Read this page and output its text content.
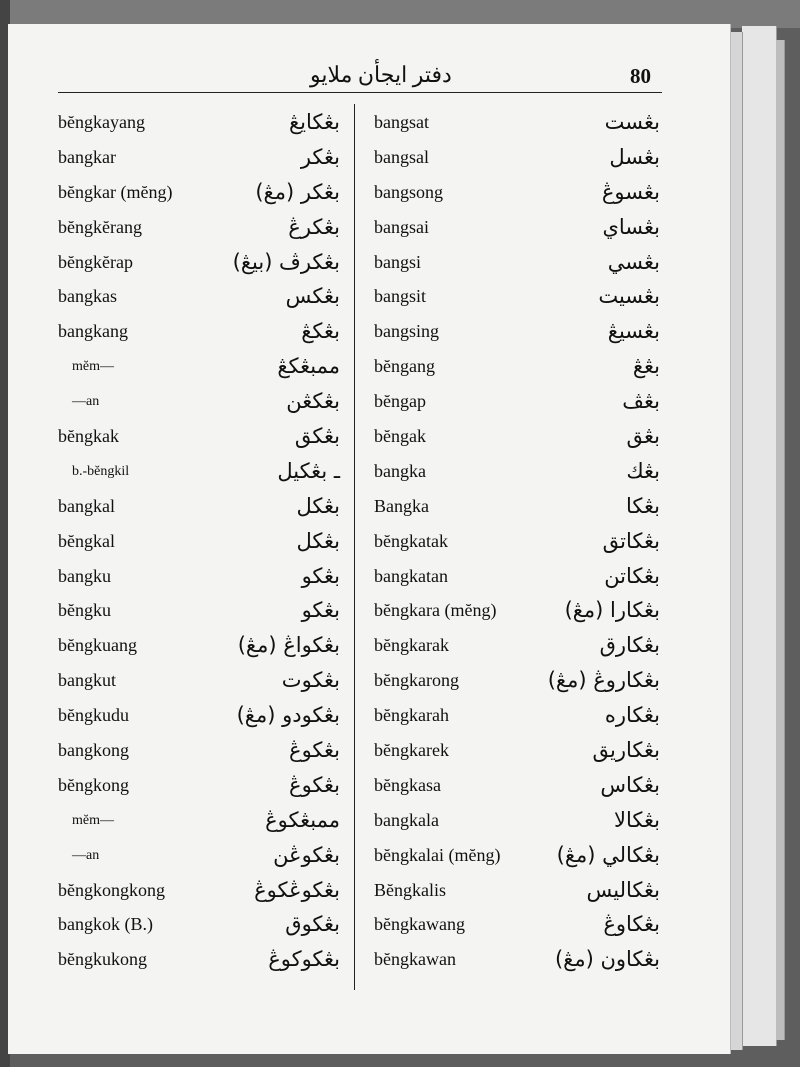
دفتر ايجأن ملايو	80
bĕngkayang	بڠكايڠ
bangkar	بڠكر
bĕngkar (mĕng)	بڠكر (مڠ)
bĕngkĕrang	بڠكرڠ
bĕngkĕrap	بڠكرڤ (بيڠ)
bangkas	بڠكس
bangkang	بڠكڠ
mĕm—	ممبڠكڠ
—an	بڠكڠن
bĕngkak	بڠكق
b.-bĕngkil	ـ بڠكيل
bangkal	بڠكل
bĕngkal	بڠكل
bangku	بڠكو
bĕngku	بڠكو
bĕngkuang	بڠكواڠ (مڠ)
bangkut	بڠكوت
bĕngkudu	بڠكودو (مڠ)
bangkong	بڠكوڠ
bĕngkong	بڠكوڠ
mĕm—	ممبڠكوڠ
—an	بڠكوڠن
bĕngkongkong	بڠكوڠكوڠ
bangkok (B.)	بڠكوق
bĕngkukong	بڠكوكوڠ
bangsat	بڠست
bangsal	بڠسل
bangsong	بڠسوڠ
bangsai	بڠساي
bangsi	بڠسي
bangsit	بڠسيت
bangsing	بڠسيڠ
bĕngang	بڠڠ
bĕngap	بڠڤ
bĕngak	بڠق
bangka	بڠك
Bangka	بڠكا
bĕngkatak	بڠكاتق
bangkatan	بڠكاتن
bĕngkara (mĕng)	بڠكارا (مڠ)
bĕngkarak	بڠكارق
bĕngkarong	بڠكاروڠ (مڠ)
bĕngkarah	بڠكاره
bĕngkarek	بڠكاريق
bĕngkasa	بڠكاس
bangkala	بڠكالا
bĕngkalai (mĕng)	بڠكالي (مڠ)
Bĕngkalis	بڠكاليس
bĕngkawang	بڠكاوڠ
bĕngkawan	بڠكاون (مڠ)
